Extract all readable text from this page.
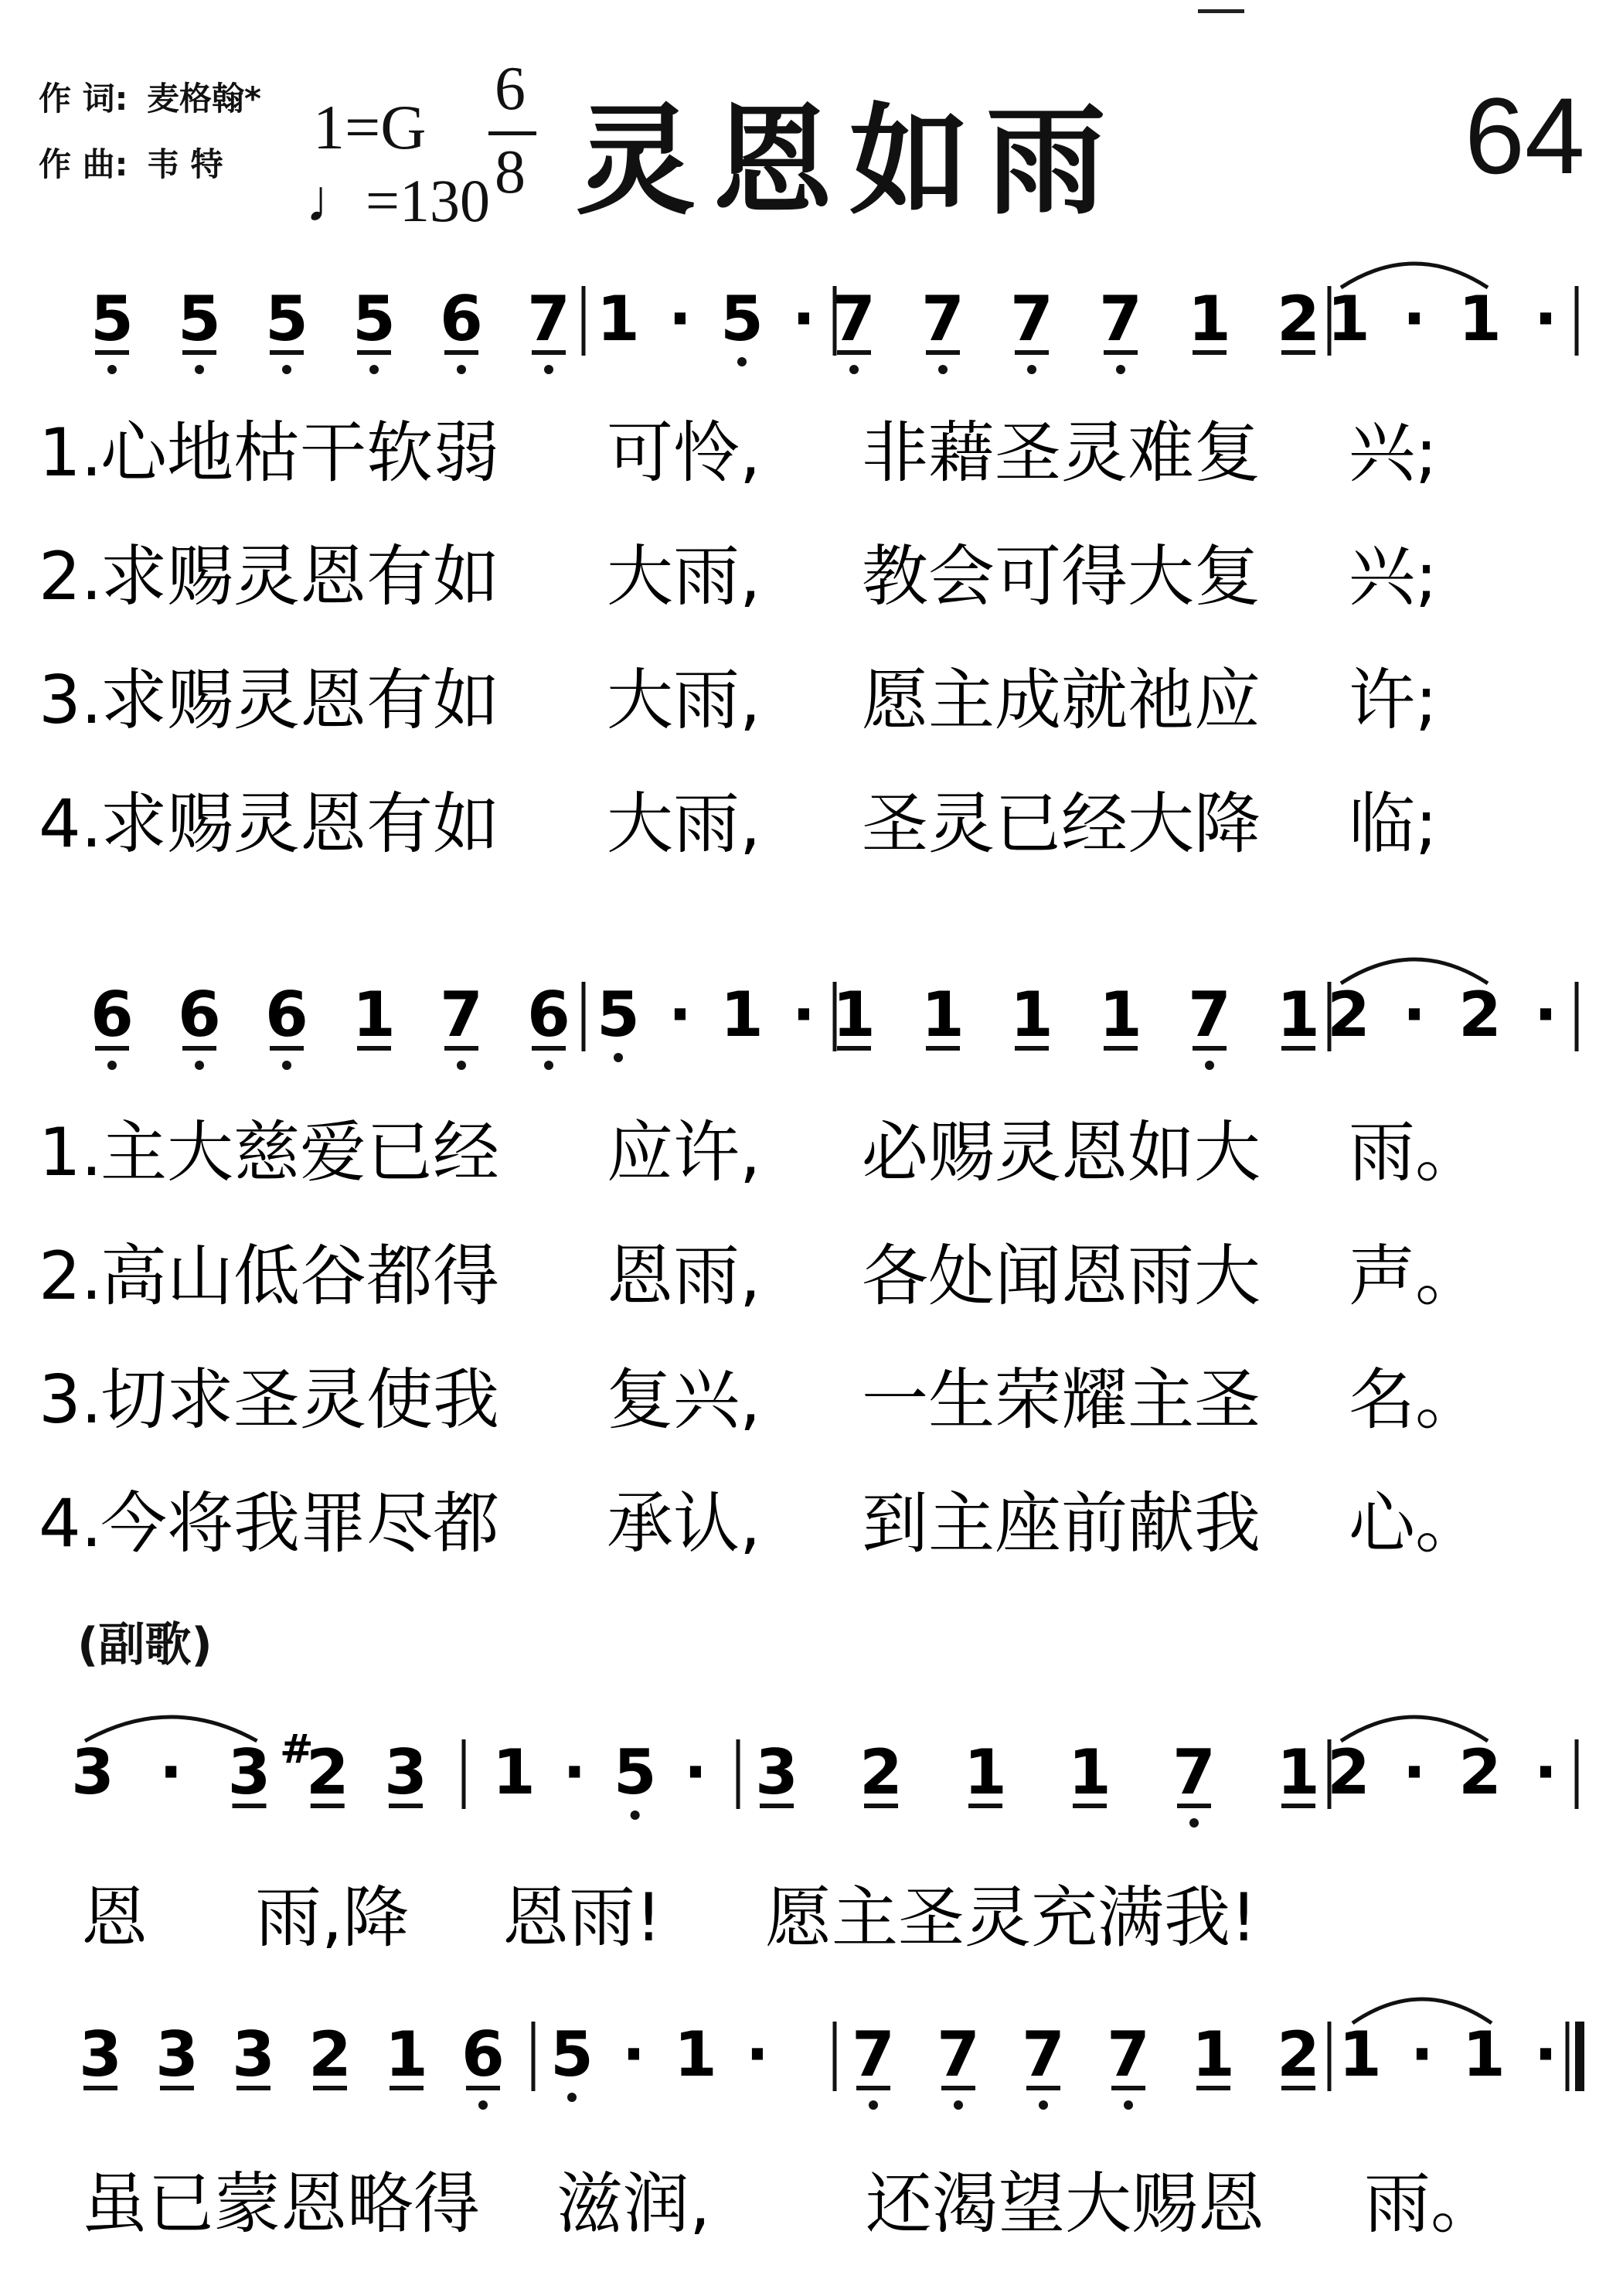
作 词: 麦格翰*
作 曲: 韦 特
1=G
♩=130
6
8 灵恩如雨	64
(副歌)
5 5 5 5 6 7 1 · 5 · 7 7 7 7 1 2 1 · 1 ·
1.
心地枯干软弱 可怜, 非藉圣灵难复 兴;
2.
求赐灵恩有如 大雨, 教会可得大复 兴;
3.
求赐灵恩有如 大雨, 愿主成就祂应 许;
4.
求赐灵恩有如 大雨, 圣灵已经大降 临;
6 6 6 1 7 6 5 · 1 · 1 1 1 1 7 1 2 · 2 ·
1.
主大慈爱已经 应许, 必赐灵恩如大 雨。
2.
高山低谷都得 恩雨, 各处闻恩雨大 声。
3.
切求圣灵使我 复兴, 一生荣耀主圣 名。
4.
今将我罪尽都 承认, 到主座前献我 心。
3 · 3 2
# 3 1 · 5 · 3 2 1 1 7 1 2 · 2 ·
恩 雨,降 恩雨! 愿主圣灵充满我!
3 3 3 2 1 6 5 · 1 · 7 7 7 7 1 2 1 · 1 ·
虽已蒙恩略得 滋润, 还渴望大赐恩 雨。
